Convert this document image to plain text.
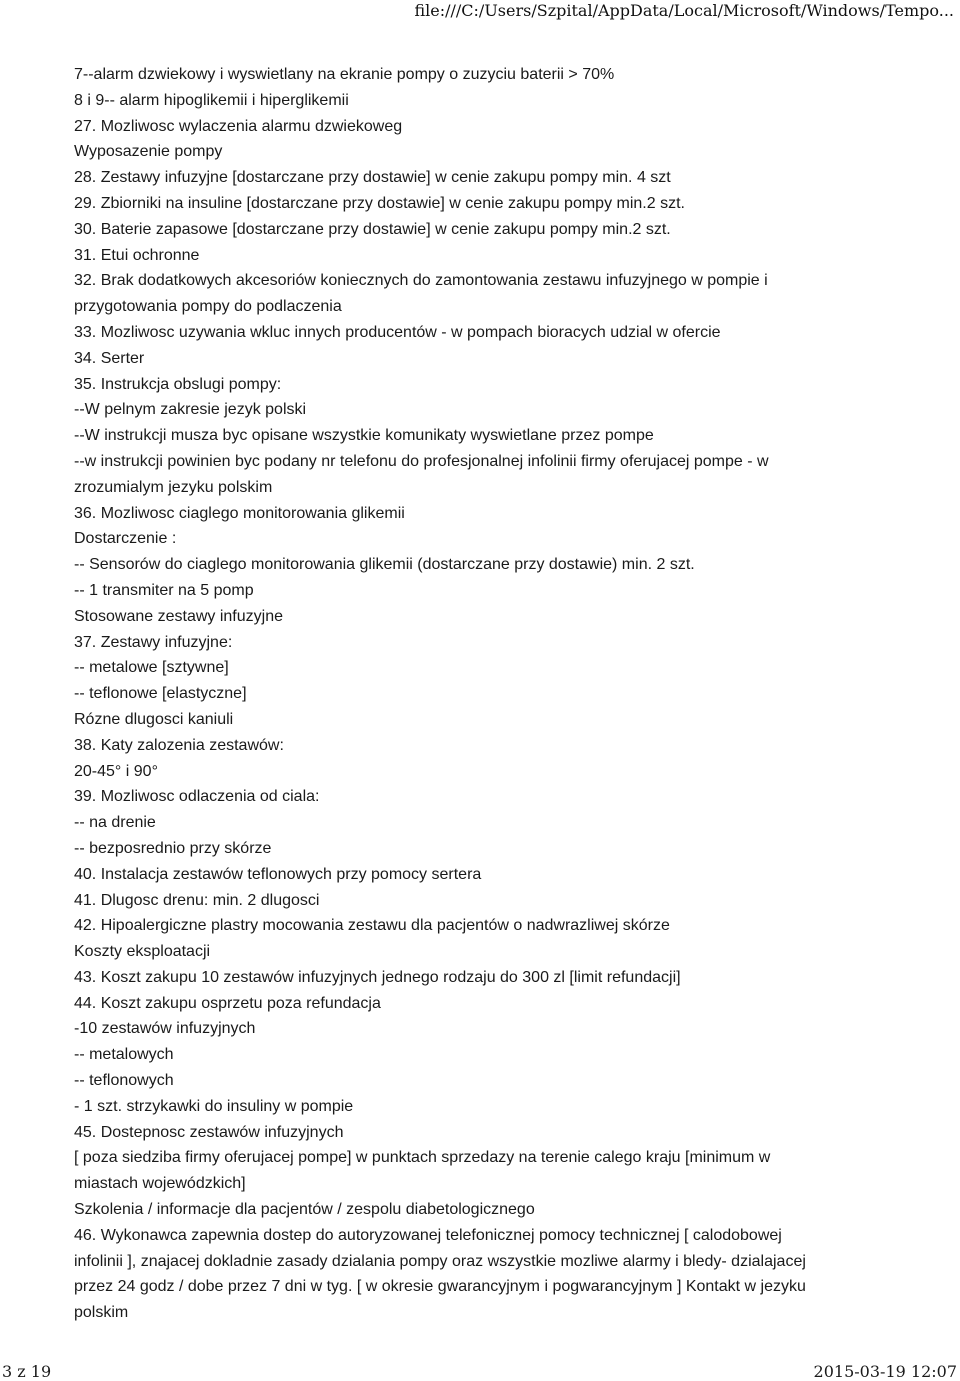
file:///C:/Users/Szpital/AppData/Local/Microsoft/Windows/Tempo...

7--alarm dzwiekowy i wyswietlany na ekranie pompy o zuzyciu baterii > 70%

8 i 9-- alarm hipoglikemii i hiperglikemii

27. Mozliwosc wylaczenia alarmu dzwiekoweg

Wyposazenie pompy

28. Zestawy infuzyjne [dostarczane przy dostawie] w cenie zakupu pompy min. 4 szt

29. Zbiorniki na insuline [dostarczane przy dostawie] w cenie zakupu pompy min.2 szt.

30. Baterie zapasowe [dostarczane przy dostawie] w cenie zakupu pompy min.2 szt.

31. Etui ochronne

32. Brak dodatkowych akcesoriów koniecznych do zamontowania zestawu infuzyjnego w pompie i

przygotowania pompy do podlaczenia

33. Mozliwosc uzywania wkluc innych producentów - w pompach bioracych udzial w ofercie

34. Serter

35. Instrukcja obslugi pompy:

--W pelnym zakresie jezyk polski

--W instrukcji musza byc opisane wszystkie komunikaty wyswietlane przez pompe

--w instrukcji powinien byc podany nr telefonu do profesjonalnej infolinii firmy oferujacej pompe - w

zrozumialym jezyku polskim

36. Mozliwosc ciaglego monitorowania glikemii

Dostarczenie :

-- Sensorów do ciaglego monitorowania glikemii (dostarczane przy dostawie) min. 2 szt.

-- 1 transmiter na 5 pomp

Stosowane zestawy infuzyjne

37. Zestawy infuzyjne:

-- metalowe [sztywne]

-- teflonowe [elastyczne]

Rózne dlugosci kaniuli

38. Katy zalozenia zestawów:

20-45° i 90°

39. Mozliwosc odlaczenia od ciala:

-- na drenie

-- bezposrednio przy skórze

40. Instalacja zestawów teflonowych przy pomocy sertera

41. Dlugosc drenu: min. 2 dlugosci

42. Hipoalergiczne plastry mocowania zestawu dla pacjentów o nadwrazliwej skórze

Koszty eksploatacji

43. Koszt zakupu 10 zestawów infuzyjnych jednego rodzaju do 300 zl [limit refundacji]

44. Koszt zakupu osprzetu poza refundacja

-10 zestawów infuzyjnych

-- metalowych

-- teflonowych

- 1 szt. strzykawki do insuliny w pompie

45. Dostepnosc zestawów infuzyjnych

[ poza siedziba firmy oferujacej pompe] w punktach sprzedazy na terenie calego kraju [minimum w

miastach wojewódzkich]

Szkolenia / informacje dla pacjentów / zespolu diabetologicznego

46. Wykonawca zapewnia dostep do autoryzowanej telefonicznej pomocy technicznej [ calodobowej

infolinii ], znajacej dokladnie zasady dzialania pompy oraz wszystkie mozliwe alarmy i bledy- dzialajacej

przez 24 godz / dobe przez 7 dni w tyg. [ w okresie gwarancyjnym i pogwarancyjnym ] Kontakt w jezyku

polskim

3 z 19	2015-03-19 12:07
